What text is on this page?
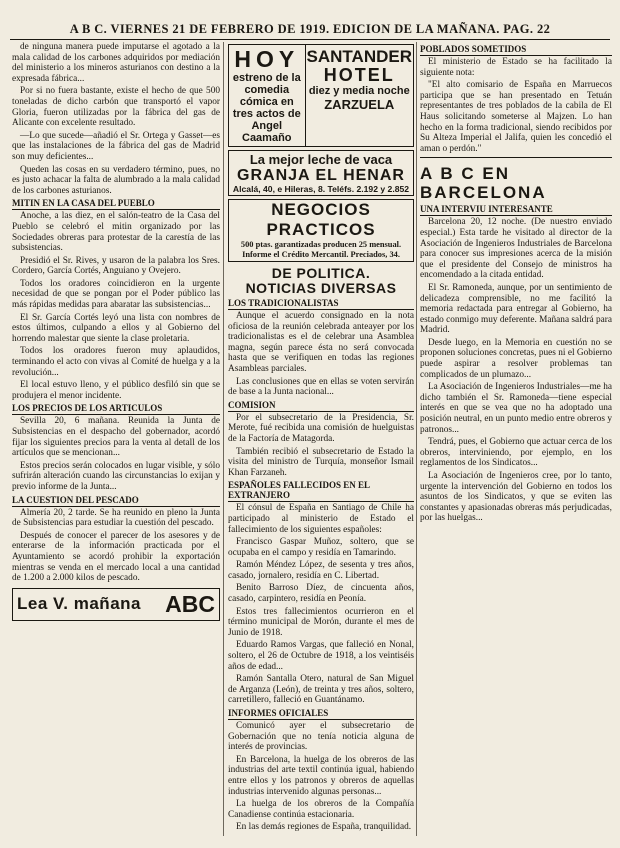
A B C. VIERNES 21 DE FEBRERO DE 1919. EDICION DE LA MAÑANA. PAG. 22

de ninguna manera puede imputarse el agotado a la mala calidad de los carbones adquiridos por mediación del ministerio a los mineros asturianos con destino a la expresada fábrica...

Por si no fuera bastante, existe el hecho de que 500 toneladas de dicho carbón que transportó el vapor Gloria, fueron utilizadas por la fábrica del gas de Alicante con excelente resultado.

—Lo que sucede—añadió el Sr. Ortega y Gasset—es que las instalaciones de la fábrica del gas de Madrid son muy deficientes...

Queden las cosas en su verdadero término, pues, no es justo achacar la falta de alumbrado a la mala calidad de los carbones asturianos.

MITIN EN LA CASA DEL PUEBLO

Anoche, a las diez, en el salón-teatro de la Casa del Pueblo se celebró el mitin organizado por las Sociedades obreras para protestar de la carestía de las subsistencias.

Presidió el Sr. Rives, y usaron de la palabra los Sres. Cordero, García Cortés, Anguiano y Ovejero.

Todos los oradores coincidieron en la urgente necesidad de que se pongan por el Poder público las más rápidas medidas para abaratar las subsistencias...

El Sr. García Cortés leyó una lista con nombres de estos últimos, culpando a ellos y al Gobierno del horrendo malestar que siente la clase proletaria.

Todos los oradores fueron muy aplaudidos, terminando el acto con vivas al Comité de huelga y a la revolución...

El local estuvo lleno, y el público desfiló sin que se produjera el menor incidente.

LOS PRECIOS DE LOS ARTICULOS

Sevilla 20, 6 mañana. Reunida la Junta de Subsistencias en el despacho del gobernador, acordó fijar los siguientes precios para la venta al detall de los artículos que se mencionan...

Estos precios serán colocados en lugar visible, y sólo sufrirán alteración cuando las circunstancias lo exijan y previo informe de la Junta...

LA CUESTION DEL PESCADO

Almería 20, 2 tarde. Se ha reunido en pleno la Junta de Subsistencias para estudiar la cuestión del pescado.

Después de conocer el parecer de los asesores y de enterarse de la información practicada por el Ayuntamiento se acordó prohibir la exportación mientras se venda en el mercado local a una cantidad de 1.200 a 2.000 kilos de pescado.

Lea V. mañana ABC
HOY
estreno de la comedia cómica en tres actos de Angel Caamaño
SANTANDER
HOTEL
diez y media noche
ZARZUELA
La mejor leche de vaca
GRANJA EL HENAR
Alcalá, 40, e Hileras, 8. Teléfs. 2.192 y 2.852
NEGOCIOS PRACTICOS
500 ptas. garantizadas producen 25 mensual. Informe el Crédito Mercantil. Preciados, 34.
DE POLITICA.
NOTICIAS DIVERSAS
LOS TRADICIONALISTAS

Aunque el acuerdo consignado en la nota oficiosa de la reunión celebrada anteayer por los tradicionalistas es el de celebrar una Asamblea magna, según parece ésta no será convocada hasta que se verifiquen en todas las regiones Asambleas parciales.

Las conclusiones que en ellas se voten servirán de base a la Junta nacional...

COMISION

Por el subsecretario de la Presidencia, Sr. Merote, fué recibida una comisión de huelguistas de la Factoría de Matagorda.

También recibió el subsecretario de Estado la visita del ministro de Turquía, monseñor Ismail Khan Farzaneh.

ESPAÑOLES FALLECIDOS EN EL EXTRANJERO

El cónsul de España en Santiago de Chile ha participado al ministerio de Estado el fallecimiento de los siguientes españoles:

Francisco Gaspar Muñoz, soltero, que se ocupaba en el campo y residía en Tamarindo.

Ramón Méndez López, de sesenta y tres años, casado, jornalero, residía en C. Libertad.

Benito Barroso Díez, de cincuenta años, casado, carpintero, residía en Peonía.

Estos tres fallecimientos ocurrieron en el término municipal de Morón, durante el mes de Junio de 1918.

Eduardo Ramos Vargas, que falleció en Nonal, soltero, el 26 de Octubre de 1918, a los veintiséis años de edad...

Ramón Santalla Otero, natural de San Miguel de Arganza (León), de treinta y tres años, soltero, carretillero, falleció en Guantánamo.

INFORMES OFICIALES

Comunicó ayer el subsecretario de Gobernación que no tenía noticia alguna de interés de provincias.

En Barcelona, la huelga de los obreros de las industrias del arte textil continúa igual, habiendo entre ellos y los patronos y obreros de aquellas industrias intervenido algunas personas...

La huelga de los obreros de la Compañía Canadiense continúa estacionaria.

En las demás regiones de España, tranquilidad.

POBLADOS SOMETIDOS

El ministerio de Estado se ha facilitado la siguiente nota:

"El alto comisario de España en Marruecos participa que se han presentado en Tetuán representantes de tres poblados de la cabila de El Haus solicitando someterse al Majzen. Lo han hecho en la forma tradicional, siendo recibidos por Su Alteza Imperial el Jalifa, quien les concedió el aman o perdón."

A B C EN BARCELONA
UNA INTERVIU INTERESANTE

Barcelona 20, 12 noche. (De nuestro enviado especial.) Esta tarde he visitado al director de la Asociación de Ingenieros Industriales de Barcelona para conocer sus impresiones acerca de la misión que el presidente del Consejo de ministros ha encomendado a la citada entidad.

El Sr. Ramoneda, aunque, por un sentimiento de delicadeza comprensible, no me facilitó la memoria redactada para entregar al Gobierno, ha estado conmigo muy deferente. Mañana saldrá para Madrid.

Desde luego, en la Memoria en cuestión no se proponen soluciones concretas, pues ni el Gobierno puede aspirar a resolver problemas tan complicados de un plumazo...

La Asociación de Ingenieros Industriales—me ha dicho también el Sr. Ramoneda—tiene especial interés en que se vea que no ha adoptado una posición neutral, en un punto medio entre obreros y patronos...

Tendrá, pues, el Gobierno que actuar cerca de los obreros, interviniendo, por ejemplo, en los reglamentos de los Sindicatos...

La Asociación de Ingenieros cree, por lo tanto, urgente la intervención del Gobierno en todos los asuntos de los Sindicatos, y que se eviten las constantes y apasionadas obreras más perjudicadas, por las huelgas...
